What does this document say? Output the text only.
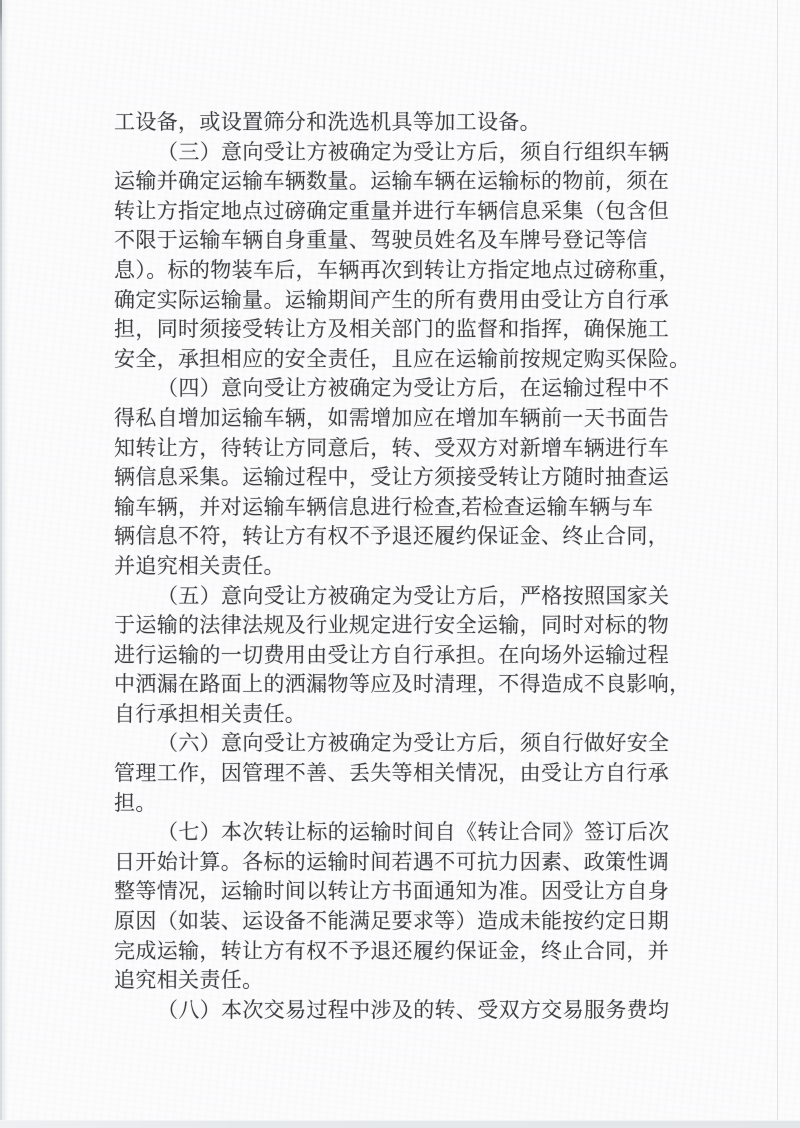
工设备，或设置筛分和洗选机具等加工设备。

（三）意向受让方被确定为受让方后，须自行组织车辆

运输并确定运输车辆数量。运输车辆在运输标的物前，须在

转让方指定地点过磅确定重量并进行车辆信息采集（包含但

不限于运输车辆自身重量、驾驶员姓名及车牌号登记等信

息）。标的物装车后，车辆再次到转让方指定地点过磅称重，

确定实际运输量。运输期间产生的所有费用由受让方自行承

担，同时须接受转让方及相关部门的监督和指挥，确保施工

安全，承担相应的安全责任，且应在运输前按规定购买保险。

（四）意向受让方被确定为受让方后，在运输过程中不

得私自增加运输车辆，如需增加应在增加车辆前一天书面告

知转让方，待转让方同意后，转、受双方对新增车辆进行车

辆信息采集。运输过程中，受让方须接受转让方随时抽查运

输车辆，并对运输车辆信息进行检查,若检查运输车辆与车

辆信息不符，转让方有权不予退还履约保证金、终止合同，

并追究相关责任。

（五）意向受让方被确定为受让方后，严格按照国家关

于运输的法律法规及行业规定进行安全运输，同时对标的物

进行运输的一切费用由受让方自行承担。在向场外运输过程

中洒漏在路面上的洒漏物等应及时清理，不得造成不良影响，

自行承担相关责任。

（六）意向受让方被确定为受让方后，须自行做好安全

管理工作，因管理不善、丢失等相关情况，由受让方自行承

担。

（七）本次转让标的运输时间自《转让合同》签订后次

日开始计算。各标的运输时间若遇不可抗力因素、政策性调

整等情况，运输时间以转让方书面通知为准。因受让方自身

原因（如装、运设备不能满足要求等）造成未能按约定日期

完成运输，转让方有权不予退还履约保证金，终止合同，并

追究相关责任。

（八）本次交易过程中涉及的转、受双方交易服务费均
